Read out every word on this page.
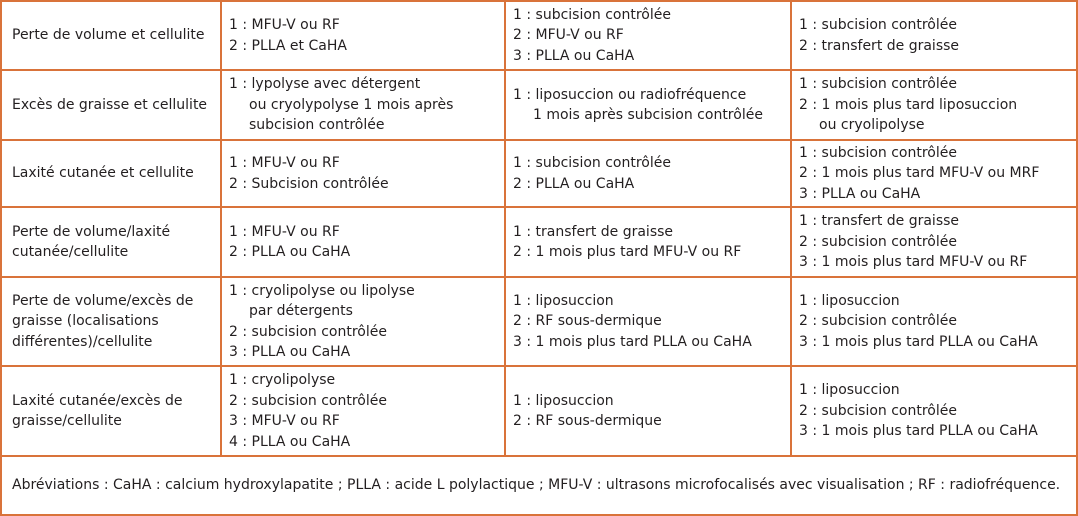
Perte de volume et cellulite
1 : MFU-V ou RF
2 : PLLA et CaHA
1 : subcision contrôlée
2 : MFU-V ou RF
3 : PLLA ou CaHA
1 : subcision contrôlée
2 : transfert de graisse
Excès de graisse et cellulite
1 : lypolyse avec détergent
ou cryolypolyse 1 mois après
subcision contrôlée
1 : liposuccion ou radiofréquence
1 mois après subcision contrôlée
1 : subcision contrôlée
2 : 1 mois plus tard liposuccion
ou cryolipolyse
Laxité cutanée et cellulite
1 : MFU-V ou RF
2 : Subcision contrôlée
1 : subcision contrôlée
2 : PLLA ou CaHA
1 : subcision contrôlée
2 : 1 mois plus tard MFU-V ou MRF
3 : PLLA ou CaHA
Perte de volume/laxité cutanée/cellulite
1 : MFU-V ou RF
2 : PLLA ou CaHA
1 : transfert de graisse
2 : 1 mois plus tard MFU-V ou RF
1 : transfert de graisse
2 : subcision contrôlée
3 : 1 mois plus tard MFU-V ou RF
Perte de volume/excès de graisse (localisations différentes)/cellulite
1 : cryolipolyse ou lipolyse
par détergents
2 : subcision contrôlée
3 : PLLA ou CaHA
1 : liposuccion
2 : RF sous-dermique
3 : 1 mois plus tard PLLA ou CaHA
1 : liposuccion
2 : subcision contrôlée
3 : 1 mois plus tard PLLA ou CaHA
Laxité cutanée/excès de graisse/cellulite
1 : cryolipolyse
2 : subcision contrôlée
3 : MFU-V ou RF
4 : PLLA ou CaHA
1 : liposuccion
2 : RF sous-dermique
1 : liposuccion
2 : subcision contrôlée
3 : 1 mois plus tard PLLA ou CaHA
Abréviations : CaHA : calcium hydroxylapatite ; PLLA : acide L polylactique ; MFU-V : ultrasons microfocalisés avec visualisation ; RF : radiofréquence.
